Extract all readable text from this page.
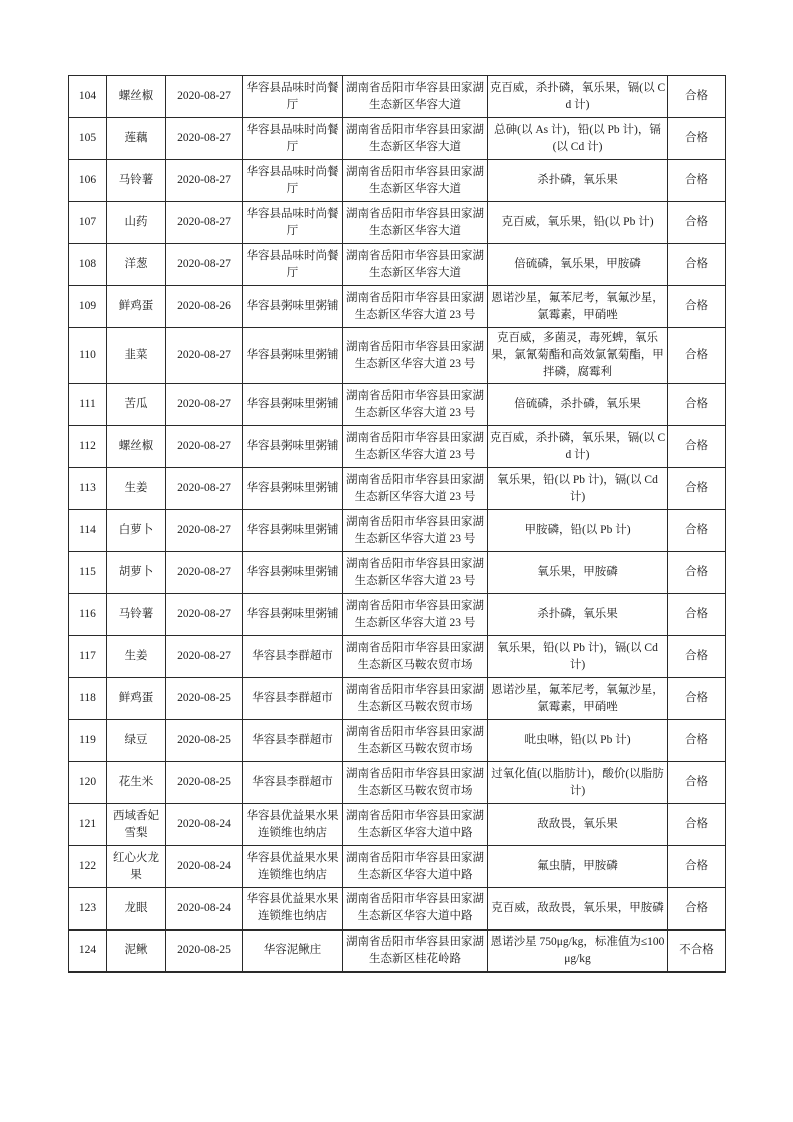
104	螺丝椒	2020-08-27	华容县品味时尚餐厅	湖南省岳阳市华容县田家湖生态新区华容大道	克百威，杀扑磷，氧乐果，镉(以 Cd 计)	合格
105	莲藕	2020-08-27	华容县品味时尚餐厅	湖南省岳阳市华容县田家湖生态新区华容大道	总砷(以 As 计)，铅(以 Pb 计)，镉(以 Cd 计)	合格
106	马铃薯	2020-08-27	华容县品味时尚餐厅	湖南省岳阳市华容县田家湖生态新区华容大道	杀扑磷，氧乐果	合格
107	山药	2020-08-27	华容县品味时尚餐厅	湖南省岳阳市华容县田家湖生态新区华容大道	克百威，氧乐果，铅(以 Pb 计)	合格
108	洋葱	2020-08-27	华容县品味时尚餐厅	湖南省岳阳市华容县田家湖生态新区华容大道	倍硫磷，氧乐果，甲胺磷	合格
109	鲜鸡蛋	2020-08-26	华容县粥味里粥铺	湖南省岳阳市华容县田家湖生态新区华容大道 23 号	恩诺沙星，氟苯尼考，氧氟沙星，氯霉素，甲硝唑	合格
110	韭菜	2020-08-27	华容县粥味里粥铺	湖南省岳阳市华容县田家湖生态新区华容大道 23 号	克百威，多菌灵，毒死蜱，氧乐果，氯氰菊酯和高效氯氰菊酯，甲拌磷，腐霉利	合格
111	苦瓜	2020-08-27	华容县粥味里粥铺	湖南省岳阳市华容县田家湖生态新区华容大道 23 号	倍硫磷，杀扑磷，氧乐果	合格
112	螺丝椒	2020-08-27	华容县粥味里粥铺	湖南省岳阳市华容县田家湖生态新区华容大道 23 号	克百威，杀扑磷，氧乐果，镉(以 Cd 计)	合格
113	生姜	2020-08-27	华容县粥味里粥铺	湖南省岳阳市华容县田家湖生态新区华容大道 23 号	氧乐果，铅(以 Pb 计)，镉(以 Cd 计)	合格
114	白萝卜	2020-08-27	华容县粥味里粥铺	湖南省岳阳市华容县田家湖生态新区华容大道 23 号	甲胺磷，铅(以 Pb 计)	合格
115	胡萝卜	2020-08-27	华容县粥味里粥铺	湖南省岳阳市华容县田家湖生态新区华容大道 23 号	氧乐果，甲胺磷	合格
116	马铃薯	2020-08-27	华容县粥味里粥铺	湖南省岳阳市华容县田家湖生态新区华容大道 23 号	杀扑磷，氧乐果	合格
117	生姜	2020-08-27	华容县李群超市	湖南省岳阳市华容县田家湖生态新区马鞍农贸市场	氧乐果，铅(以 Pb 计)，镉(以 Cd 计)	合格
118	鲜鸡蛋	2020-08-25	华容县李群超市	湖南省岳阳市华容县田家湖生态新区马鞍农贸市场	恩诺沙星，氟苯尼考，氧氟沙星，氯霉素，甲硝唑	合格
119	绿豆	2020-08-25	华容县李群超市	湖南省岳阳市华容县田家湖生态新区马鞍农贸市场	吡虫啉，铅(以 Pb 计)	合格
120	花生米	2020-08-25	华容县李群超市	湖南省岳阳市华容县田家湖生态新区马鞍农贸市场	过氧化值(以脂肪计)，酸价(以脂肪计)	合格
121	西域香妃雪梨	2020-08-24	华容县优益果水果连锁维也纳店	湖南省岳阳市华容县田家湖生态新区华容大道中路	敌敌畏，氧乐果	合格
122	红心火龙果	2020-08-24	华容县优益果水果连锁维也纳店	湖南省岳阳市华容县田家湖生态新区华容大道中路	氟虫腈，甲胺磷	合格
123	龙眼	2020-08-24	华容县优益果水果连锁维也纳店	湖南省岳阳市华容县田家湖生态新区华容大道中路	克百威，敌敌畏，氧乐果，甲胺磷	合格
124	泥鳅	2020-08-25	华容泥鳅庄	湖南省岳阳市华容县田家湖生态新区桂花岭路	恩诺沙星 750μg/kg，标准值为≤100μg/kg	不合格
